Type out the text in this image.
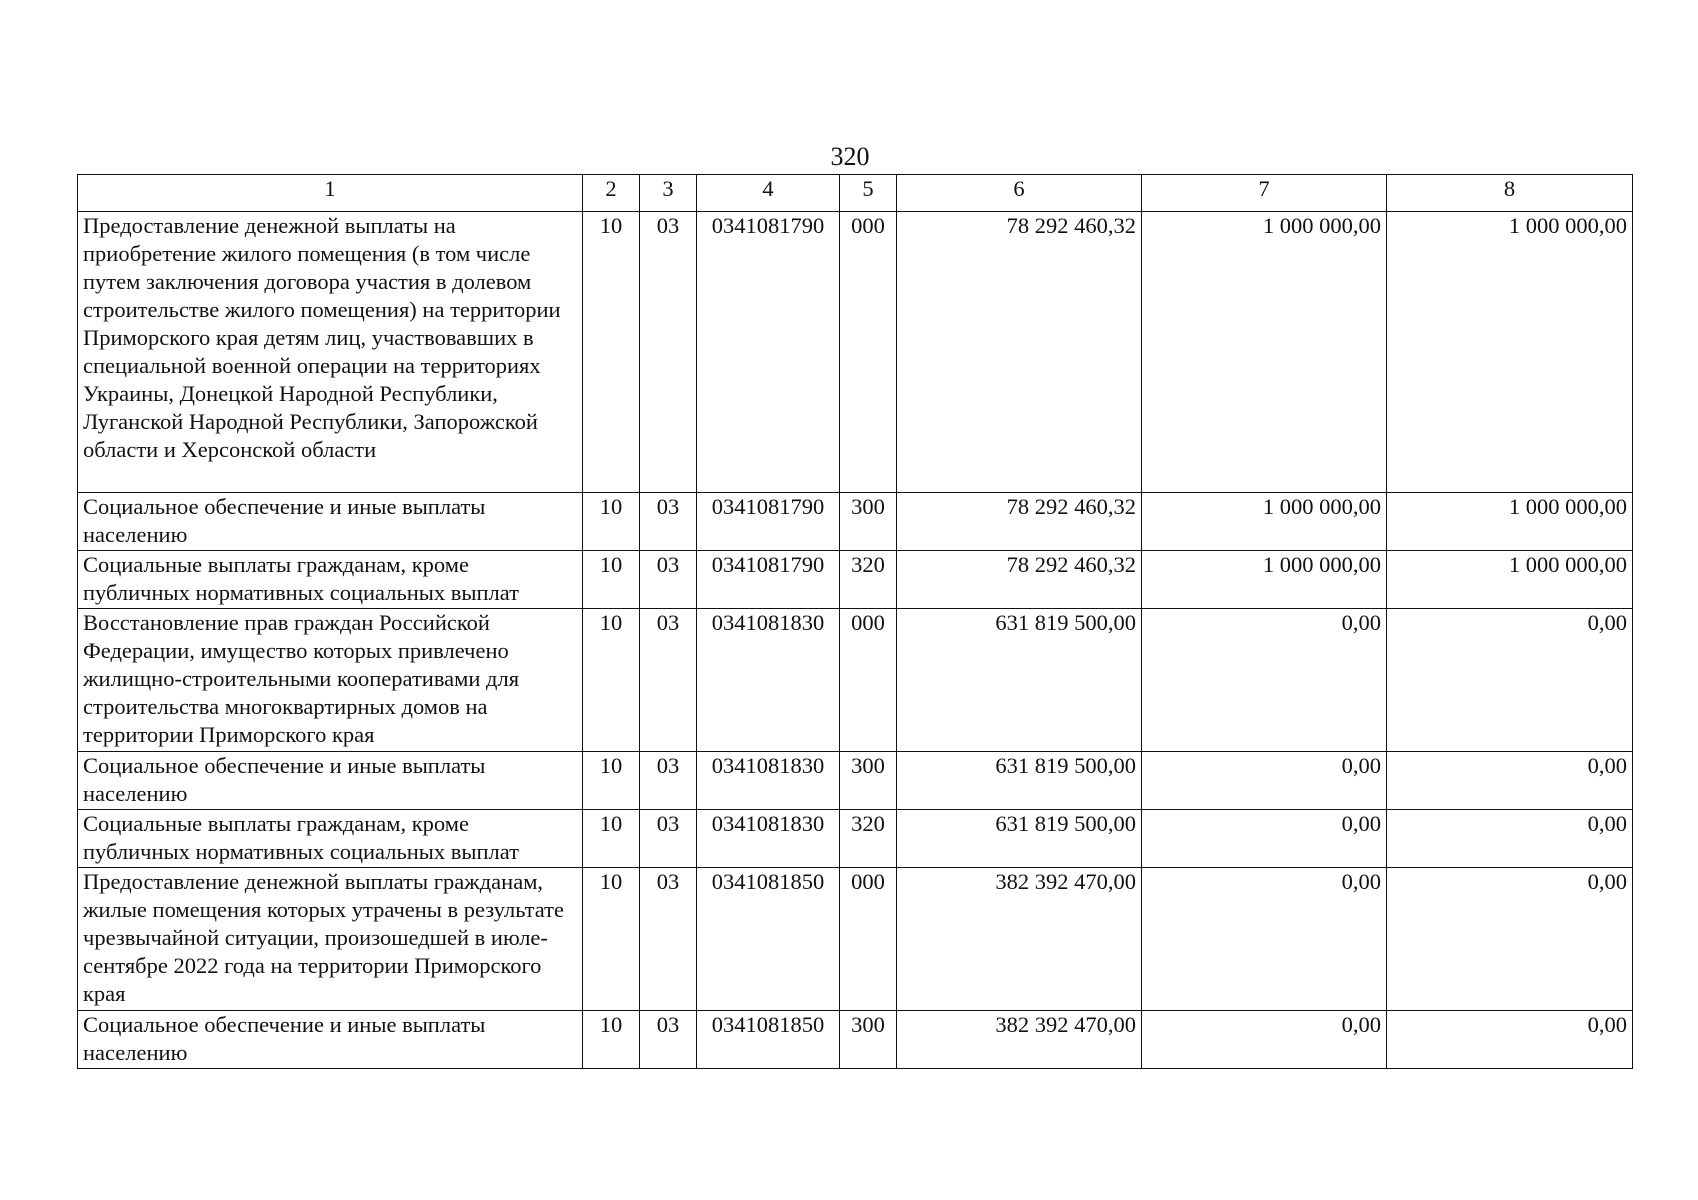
320
1	2	3	4	5	6	7	8
Предоставление денежной выплаты на приобретение жилого помещения (в том числе путем заключения договора участия в долевом строительстве жилого помещения) на территории Приморского края детям лиц, участвовавших в специальной военной операции на территориях Украины, Донецкой Народной Республики, Луганской Народной Республики, Запорожской области и Херсонской области	10	03	0341081790	000	78 292 460,32	1 000 000,00	1 000 000,00
Социальное обеспечение и иные выплаты населению	10	03	0341081790	300	78 292 460,32	1 000 000,00	1 000 000,00
Социальные выплаты гражданам, кроме публичных нормативных социальных выплат	10	03	0341081790	320	78 292 460,32	1 000 000,00	1 000 000,00
Восстановление прав граждан Российской Федерации, имущество которых привлечено жилищно-строительными кооперативами для строительства многоквартирных домов на территории Приморского края	10	03	0341081830	000	631 819 500,00	0,00	0,00
Социальное обеспечение и иные выплаты населению	10	03	0341081830	300	631 819 500,00	0,00	0,00
Социальные выплаты гражданам, кроме публичных нормативных социальных выплат	10	03	0341081830	320	631 819 500,00	0,00	0,00
Предоставление денежной выплаты гражданам, жилые помещения которых утрачены в результате чрезвычайной ситуации, произошедшей в июле-сентябре 2022 года на территории Приморского края	10	03	0341081850	000	382 392 470,00	0,00	0,00
Социальное обеспечение и иные выплаты населению	10	03	0341081850	300	382 392 470,00	0,00	0,00
